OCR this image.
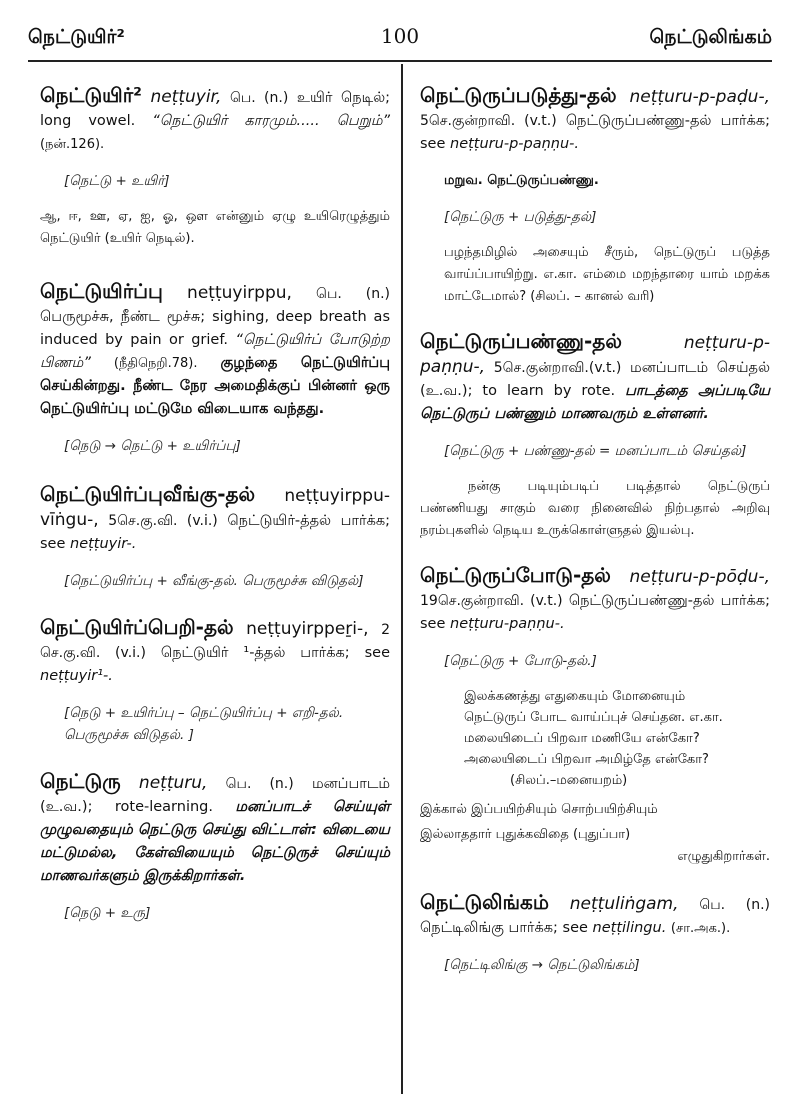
நெட்டுயிர்²	100	நெட்டுலிங்கம்

நெட்டுயிர்² neṭṭuyir, பெ. (n.) உயிர் நெடில்; long vowel. “நெட்டுயிர் காரமும்..... பெறும்” (நன்.126).

[நெட்டு + உயிர்]
ஆ, ஈ, ஊ, ஏ, ஐ, ஓ, ஔ என்னும் ஏழு உயிரெழுத்தும் நெட்டுயிர் (உயிர் நெடில்).

நெட்டுயிர்ப்பு neṭṭuyirppu, பெ. (n.) பெருமூச்சு, நீண்ட மூச்சு; sighing, deep breath as induced by pain or grief. “நெட்டுயிர்ப் போடுற்ற பிணம்” (நீதிநெறி.78). குழந்தை நெட்டுயிர்ப்பு செய்கின்றது. நீண்ட நேர அமைதிக்குப் பின்னர் ஒரு நெட்டுயிர்ப்பு மட்டுமே விடையாக வந்தது.

[நெடு → நெட்டு + உயிர்ப்பு]

நெட்டுயிர்ப்புவீங்கு-தல் neṭṭuyirppu-vīṅgu-, 5செ.கு.வி. (v.i.) நெட்டுயிர்-த்தல் பார்க்க; see neṭṭuyir-.

[நெட்டுயிர்ப்பு + வீங்கு-தல். பெருமூச்சு விடுதல்]

நெட்டுயிர்ப்பெறி-தல் neṭṭuyirppeṟi-, 2 செ.கு.வி. (v.i.) நெட்டுயிர் ¹-த்தல் பார்க்க; see neṭṭuyir¹-.

[நெடு + உயிர்ப்பு – நெட்டுயிர்ப்பு + எறி-தல். பெருமூச்சு விடுதல். ]

நெட்டுரு neṭṭuru, பெ. (n.) மனப்பாடம் (உ.வ.); rote-learning. மனப்பாடச் செய்யுள் முழுவதையும் நெட்டுரு செய்து விட்டாள்: விடையை மட்டுமல்ல, கேள்வியையும் நெட்டுருச் செய்யும் மாணவர்களும் இருக்கிறார்கள்.

[நெடு + உரு]

நெட்டுருப்படுத்து-தல் neṭṭuru-p-paḍu-, 5செ.குன்றாவி. (v.t.) நெட்டுருப்பண்ணு-தல் பார்க்க; see neṭṭuru-p-paṇṇu-.

மறுவ. நெட்டுருப்பண்ணு.
[நெட்டுரு + படுத்து-தல்]
பழந்தமிழில் அசையும் சீரும், நெட்டுருப் படுத்த வாய்ப்பாயிற்று. எ.கா. எம்மை மறந்தாரை யாம் மறக்க மாட்டேமால்? (சிலப். – கானல் வரி)

நெட்டுருப்பண்ணு-தல்	neṭṭuru-p-paṇṇu-, 5செ.குன்றாவி.(v.t.) மனப்பாடம் செய்தல் (உ.வ.); to learn by rote. பாடத்தை அப்படியே நெட்டுருப் பண்ணும் மாணவரும் உள்ளனர்.

[நெட்டுரு + பண்ணு-தல் = மனப்பாடம் செய்தல்]
நன்கு படியும்படிப் படித்தால் நெட்டுருப் பண்ணியது சாகும் வரை நினைவில் நிற்பதால் அறிவு நரம்புகளில் நெடிய உருக்கொள்ளுதல் இயல்பு.

நெட்டுருப்போடு-தல் neṭṭuru-p-pōḍu-, 19செ.குன்றாவி. (v.t.) நெட்டுருப்பண்ணு-தல் பார்க்க; see neṭṭuru-paṇṇu-.

[நெட்டுரு + போடு-தல்.]
இலக்கணத்து எதுகையும் மோனையும்
நெட்டுருப் போட வாய்ப்புச் செய்தன. எ.கா.
மலையிடைப் பிறவா மணியே என்கோ?
அலையிடைப் பிறவா அமிழ்தே என்கோ?
(சிலப்.–மனையறம்)
இக்கால் இப்பயிற்சியும் சொற்பயிற்சியும்
இல்லாததார் புதுக்கவிதை (புதுப்பா)
எழுதுகிறார்கள்.

நெட்டுலிங்கம் neṭṭuliṅgam, பெ. (n.) நெட்டிலிங்கு பார்க்க; see neṭṭilingu. (சா.அக.).

[நெட்டிலிங்கு → நெட்டுலிங்கம்]
